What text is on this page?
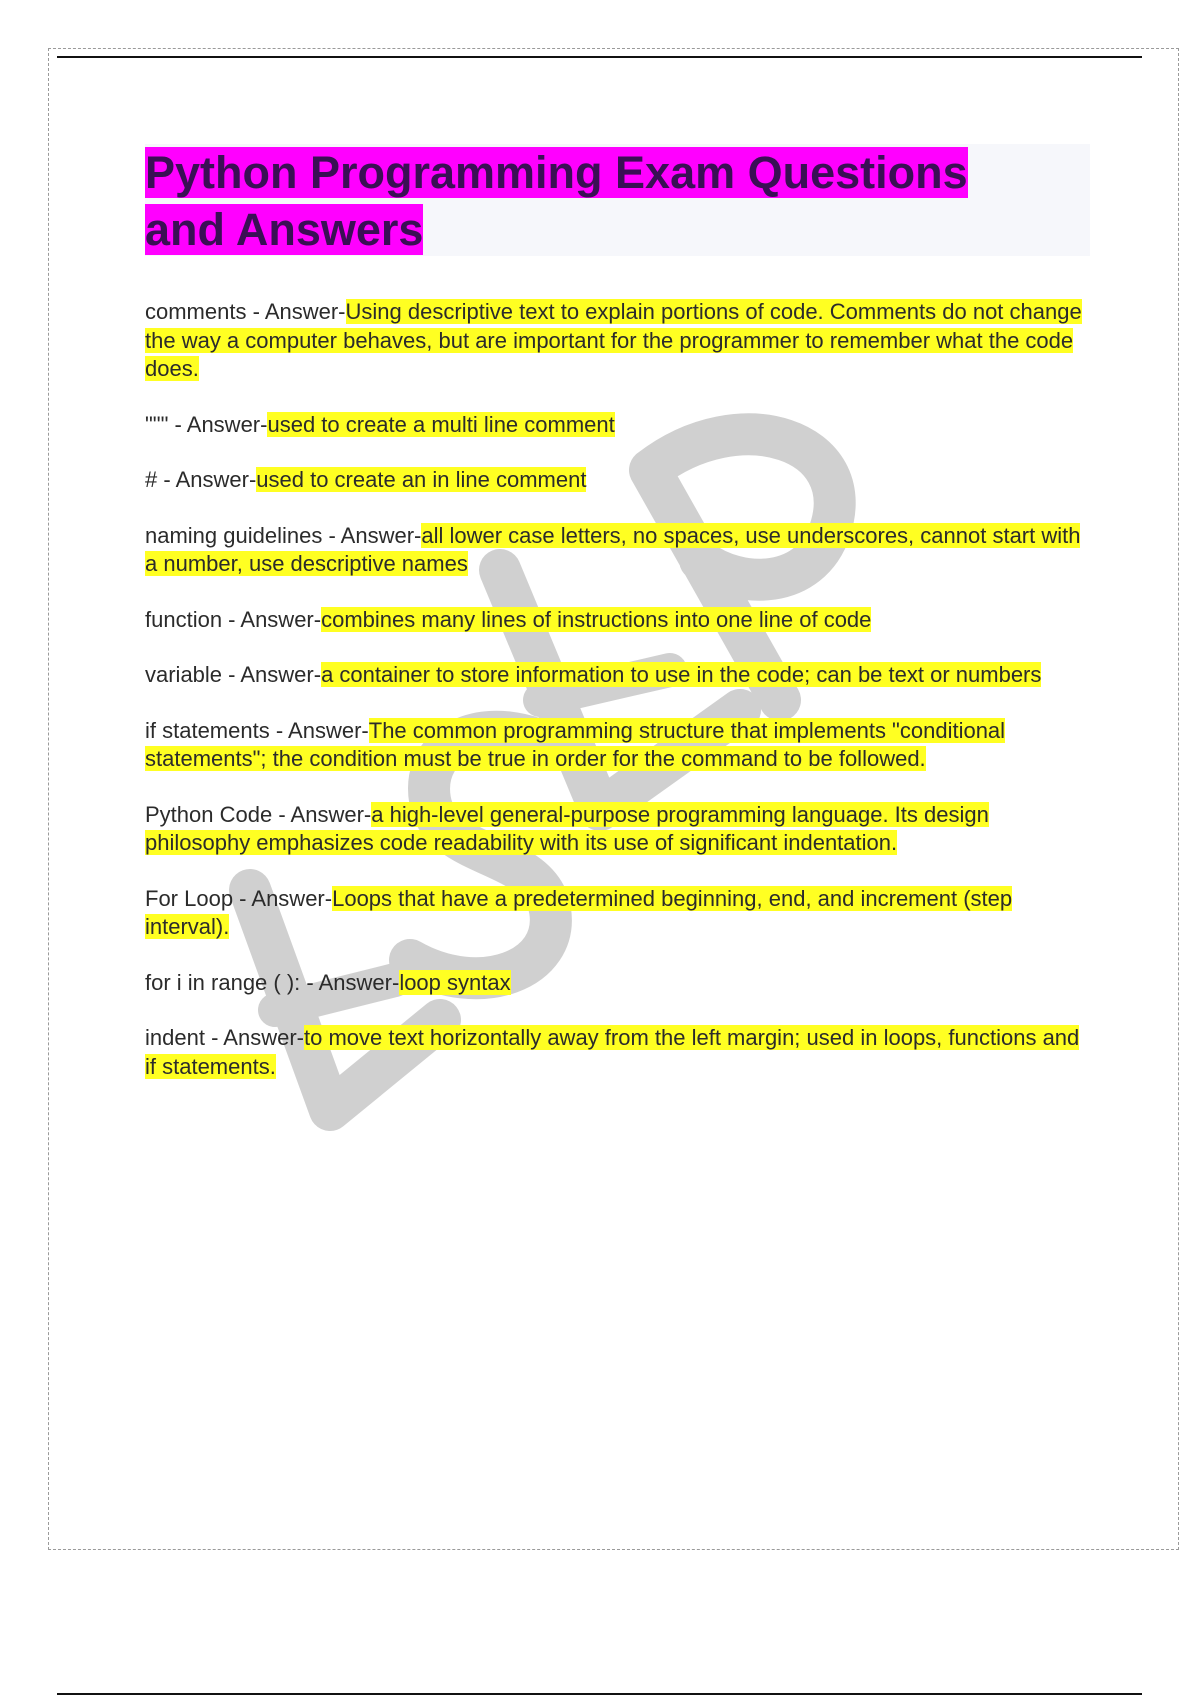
Python Programming Exam Questions and Answers

comments - Answer-Using descriptive text to explain portions of code. Comments do not change the way a computer behaves, but are important for the programmer to remember what the code does.

""" - Answer-used to create a multi line comment

# - Answer-used to create an in line comment

naming guidelines - Answer-all lower case letters, no spaces, use underscores, cannot start with a number, use descriptive names

function - Answer-combines many lines of instructions into one line of code

variable - Answer-a container to store information to use in the code; can be text or numbers

if statements - Answer-The common programming structure that implements "conditional statements"; the condition must be true in order for the command to be followed.

Python Code - Answer-a high-level general-purpose programming language. Its design philosophy emphasizes code readability with its use of significant indentation.

For Loop - Answer-Loops that have a predetermined beginning, end, and increment (step interval).

for i in range ( ): - Answer-loop syntax

indent - Answer-to move text horizontally away from the left margin; used in loops, functions and if statements.
